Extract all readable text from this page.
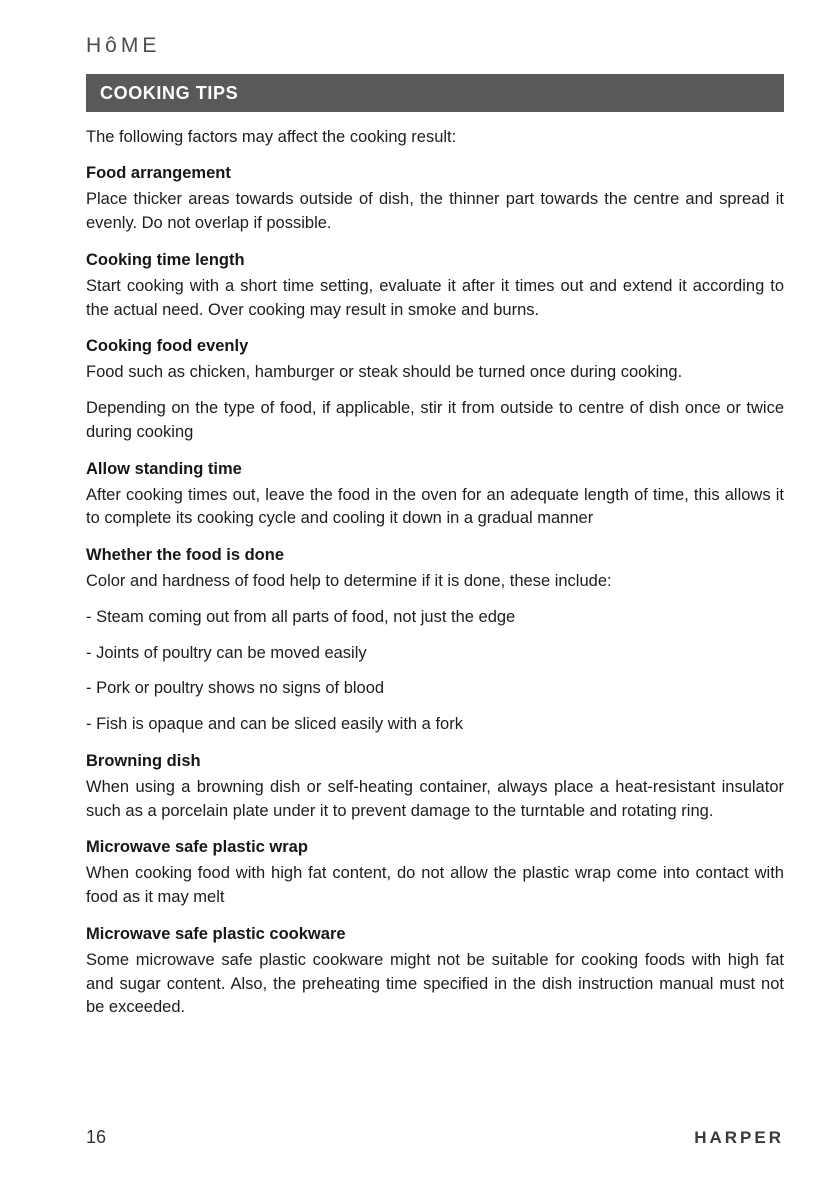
HôME
COOKING TIPS

The following factors may affect the cooking result:

Food arrangement

Place thicker areas towards outside of dish, the thinner part towards the centre and spread it evenly. Do not overlap if possible.

Cooking time length

Start cooking with a short time setting, evaluate it after it times out and extend it according to the actual need. Over cooking may result in smoke and burns.

Cooking food evenly

Food such as chicken, hamburger or steak should be turned once during cooking.

Depending on the type of food, if applicable, stir it from outside to centre of dish once or twice during cooking

Allow standing time

After cooking times out, leave the food in the oven for an adequate length of time, this allows it to complete its cooking cycle and cooling it down in a gradual manner

Whether the food is done

Color and hardness of food help to determine if it is done, these include:

- Steam coming out from all parts of food, not just the edge

- Joints of poultry can be moved easily

- Pork or poultry shows no signs of blood

- Fish is opaque and can be sliced easily with a fork

Browning dish

When using a browning dish or self-heating container, always place a heat-resistant insulator such as a porcelain plate under it to prevent damage to the turntable and rotating ring.

Microwave safe plastic wrap

When cooking food with high fat content, do not allow the plastic wrap come into contact with food as it may melt

Microwave safe plastic cookware

Some microwave safe plastic cookware might not be suitable for cooking foods with high fat and sugar content. Also, the preheating time specified in the dish instruction manual must not be exceeded.

16	HARPER
